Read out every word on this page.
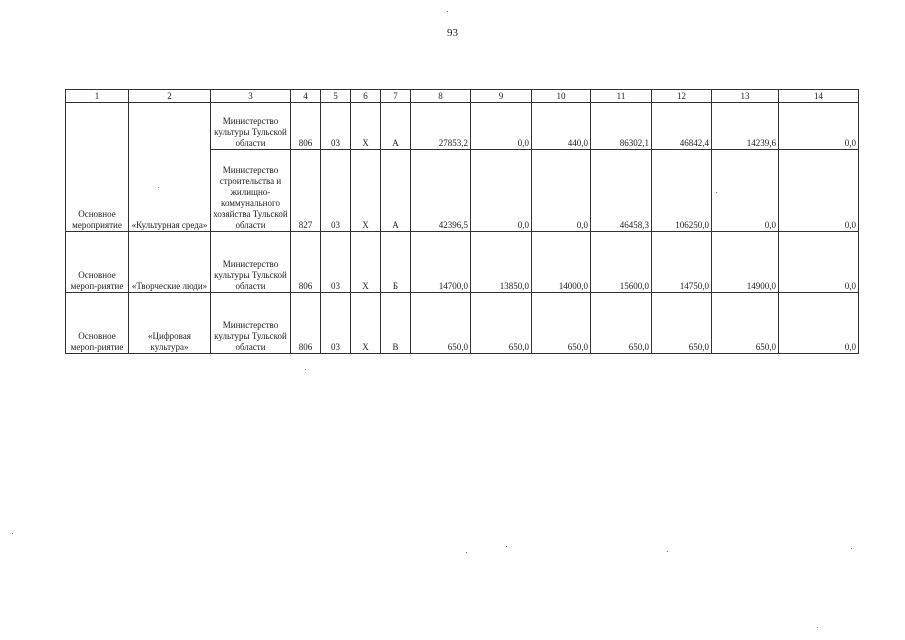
93
1	2	3	4	5	6	7	8	9	10	11	12	13	14
Основное мероприятие	«Культурная среда»	Министерство культуры Тульской области	806	03	Х	А	27853,2	0,0	440,0	86302,1	46842,4	14239,6	0,0
		Министерство строительства и жилищно-коммунального хозяйства Тульской области	827	03	Х	А	42396,5	0,0	0,0	46458,3	106250,0	0,0	0,0
Основное мероп-риятие	«Творческие люди»	Министерство культуры Тульской области	806	03	Х	Б	14700,0	13850,0	14000,0	15600,0	14750,0	14900,0	0,0
Основное мероп-риятие	«Цифровая культура»	Министерство культуры Тульской области	806	03	Х	В	650,0	650,0	650,0	650,0	650,0	650,0	0,0
